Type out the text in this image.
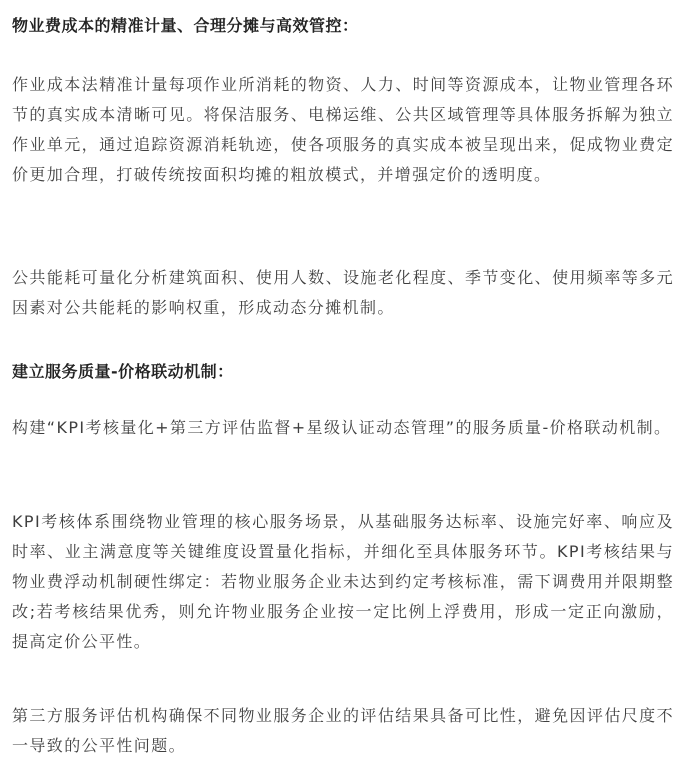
物业费成本的精准计量、合理分摊与高效管控：

作业成本法精准计量每项作业所消耗的物资、人力、时间等资源成本，让物业管理各环节的真实成本清晰可见。将保洁服务、电梯运维、公共区域管理等具体服务拆解为独立作业单元，通过追踪资源消耗轨迹，使各项服务的真实成本被呈现出来，促成物业费定价更加合理，打破传统按面积均摊的粗放模式，并增强定价的透明度。

公共能耗可量化分析建筑面积、使用人数、设施老化程度、季节变化、使用频率等多元因素对公共能耗的影响权重，形成动态分摊机制。

建立服务质量-价格联动机制：

构建“KPI考核量化+第三方评估监督+星级认证动态管理”的服务质量-价格联动机制。

KPI考核体系围绕物业管理的核心服务场景，从基础服务达标率、设施完好率、响应及时率、业主满意度等关键维度设置量化指标，并细化至具体服务环节。KPI考核结果与物业费浮动机制硬性绑定：若物业服务企业未达到约定考核标准，需下调费用并限期整改;若考核结果优秀，则允许物业服务企业按一定比例上浮费用，形成一定正向激励，提高定价公平性。

第三方服务评估机构确保不同物业服务企业的评估结果具备可比性，避免因评估尺度不一导致的公平性问题。
